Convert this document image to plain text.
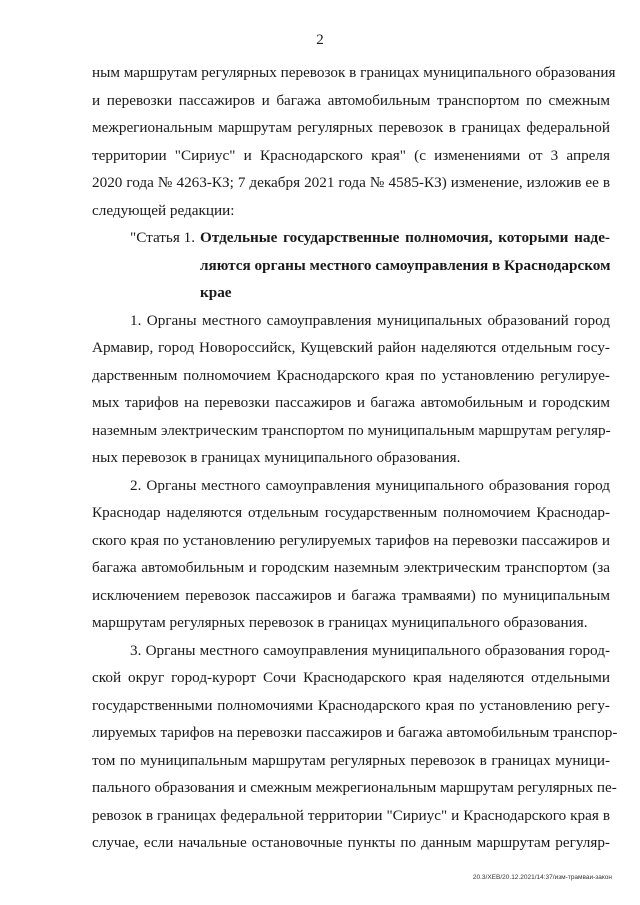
2
ным маршрутам регулярных перевозок в границах муниципального образования
и перевозки пассажиров и багажа автомобильным транспортом по смежным
межрегиональным маршрутам регулярных перевозок в границах федеральной
территории "Сириус" и Краснодарского края" (с изменениями от 3 апреля
2020 года № 4263-КЗ; 7 декабря 2021 года № 4585-КЗ) изменение, изложив ее в
следующей редакции:
"Статья 1. Отдельные государственные полномочия, которыми наде-
ляются органы местного самоуправления в Краснодарском
крае
1. Органы местного самоуправления муниципальных образований город
Армавир, город Новороссийск, Кущевский район наделяются отдельным госу-
дарственным полномочием Краснодарского края по установлению регулируе-
мых тарифов на перевозки пассажиров и багажа автомобильным и городским
наземным электрическим транспортом по муниципальным маршрутам регуляр-
ных перевозок в границах муниципального образования.
2. Органы местного самоуправления муниципального образования город
Краснодар наделяются отдельным государственным полномочием Краснодар-
ского края по установлению регулируемых тарифов на перевозки пассажиров и
багажа автомобильным и городским наземным электрическим транспортом (за
исключением перевозок пассажиров и багажа трамваями) по муниципальным
маршрутам регулярных перевозок в границах муниципального образования.
3. Органы местного самоуправления муниципального образования город-
ской округ город-курорт Сочи Краснодарского края наделяются отдельными
государственными полномочиями Краснодарского края по установлению регу-
лируемых тарифов на перевозки пассажиров и багажа автомобильным транспор-
том по муниципальным маршрутам регулярных перевозок в границах муници-
пального образования и смежным межрегиональным маршрутам регулярных пе-
ревозок в границах федеральной территории "Сириус" и Краснодарского края в
случае, если начальные остановочные пункты по данным маршрутам регуляр-
20.3/ХЕВ/20.12.2021/14:37/изм-трамваи-закон
